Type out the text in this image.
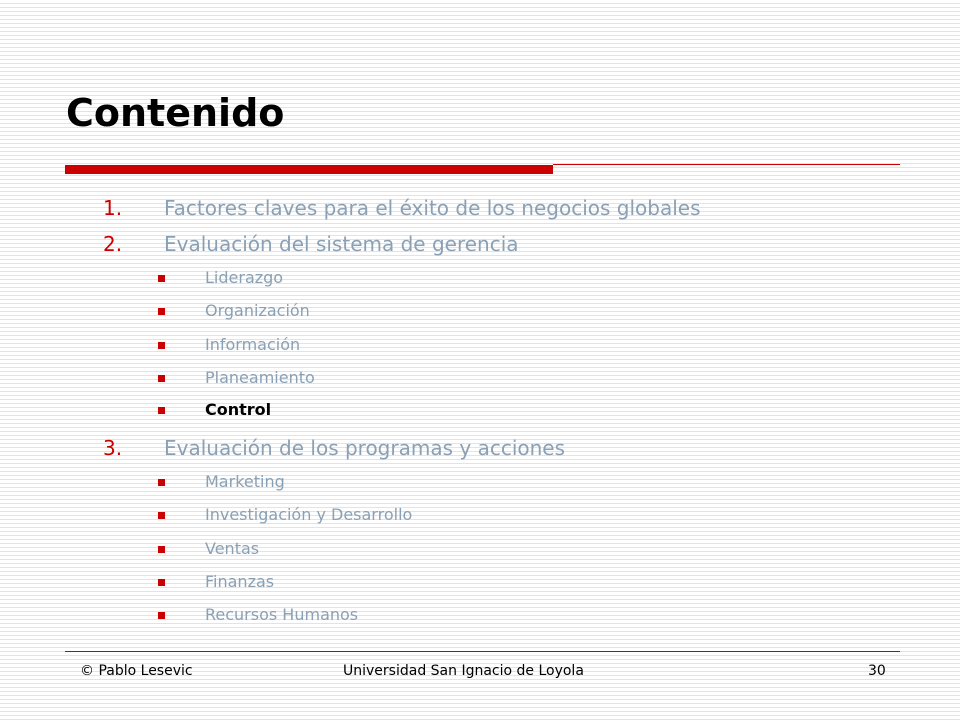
Contenido
1. Factores claves para el éxito de los negocios globales
2. Evaluación del sistema de gerencia
Liderazgo
Organización
Información
Planeamiento
Control
3. Evaluación de los programas y acciones
Marketing
Investigación y Desarrollo
Ventas
Finanzas
Recursos Humanos
© Pablo Lesevic	Universidad San Ignacio de Loyola	30
